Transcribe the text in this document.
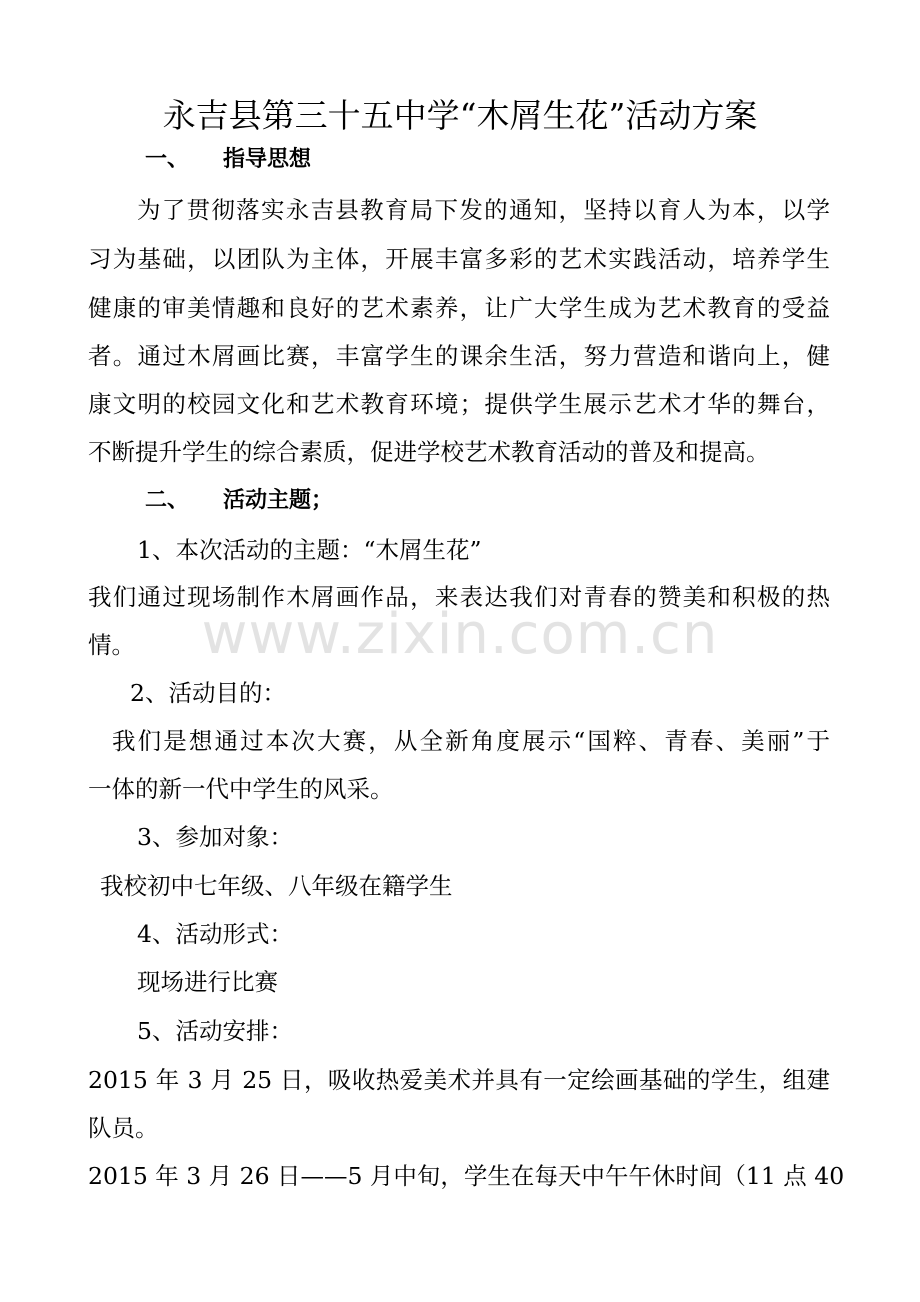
www.zixin.com.cn
永吉县第三十五中学“木屑生花”活动方案
一、 指导思想
为了贯彻落实永吉县教育局下发的通知，坚持以育人为本，以学
习为基础，以团队为主体，开展丰富多彩的艺术实践活动，培养学生
健康的审美情趣和良好的艺术素养，让广大学生成为艺术教育的受益
者。通过木屑画比赛，丰富学生的课余生活，努力营造和谐向上，健
康文明的校园文化和艺术教育环境；提供学生展示艺术才华的舞台，
不断提升学生的综合素质，促进学校艺术教育活动的普及和提高。
二、 活动主题；
1、本次活动的主题：“木屑生花”
我们通过现场制作木屑画作品，来表达我们对青春的赞美和积极的热
情。
2、活动目的：
我们是想通过本次大赛，从全新角度展示“国粹、青春、美丽”于
一体的新一代中学生的风采。
3、参加对象：
我校初中七年级、八年级在籍学生
4、活动形式：
现场进行比赛
5、活动安排：
2015 年 3 月 25 日，吸收热爱美术并具有一定绘画基础的学生，组建
队员。
2015 年 3 月 26 日——5 月中旬，学生在每天中午午休时间（11 点 40
